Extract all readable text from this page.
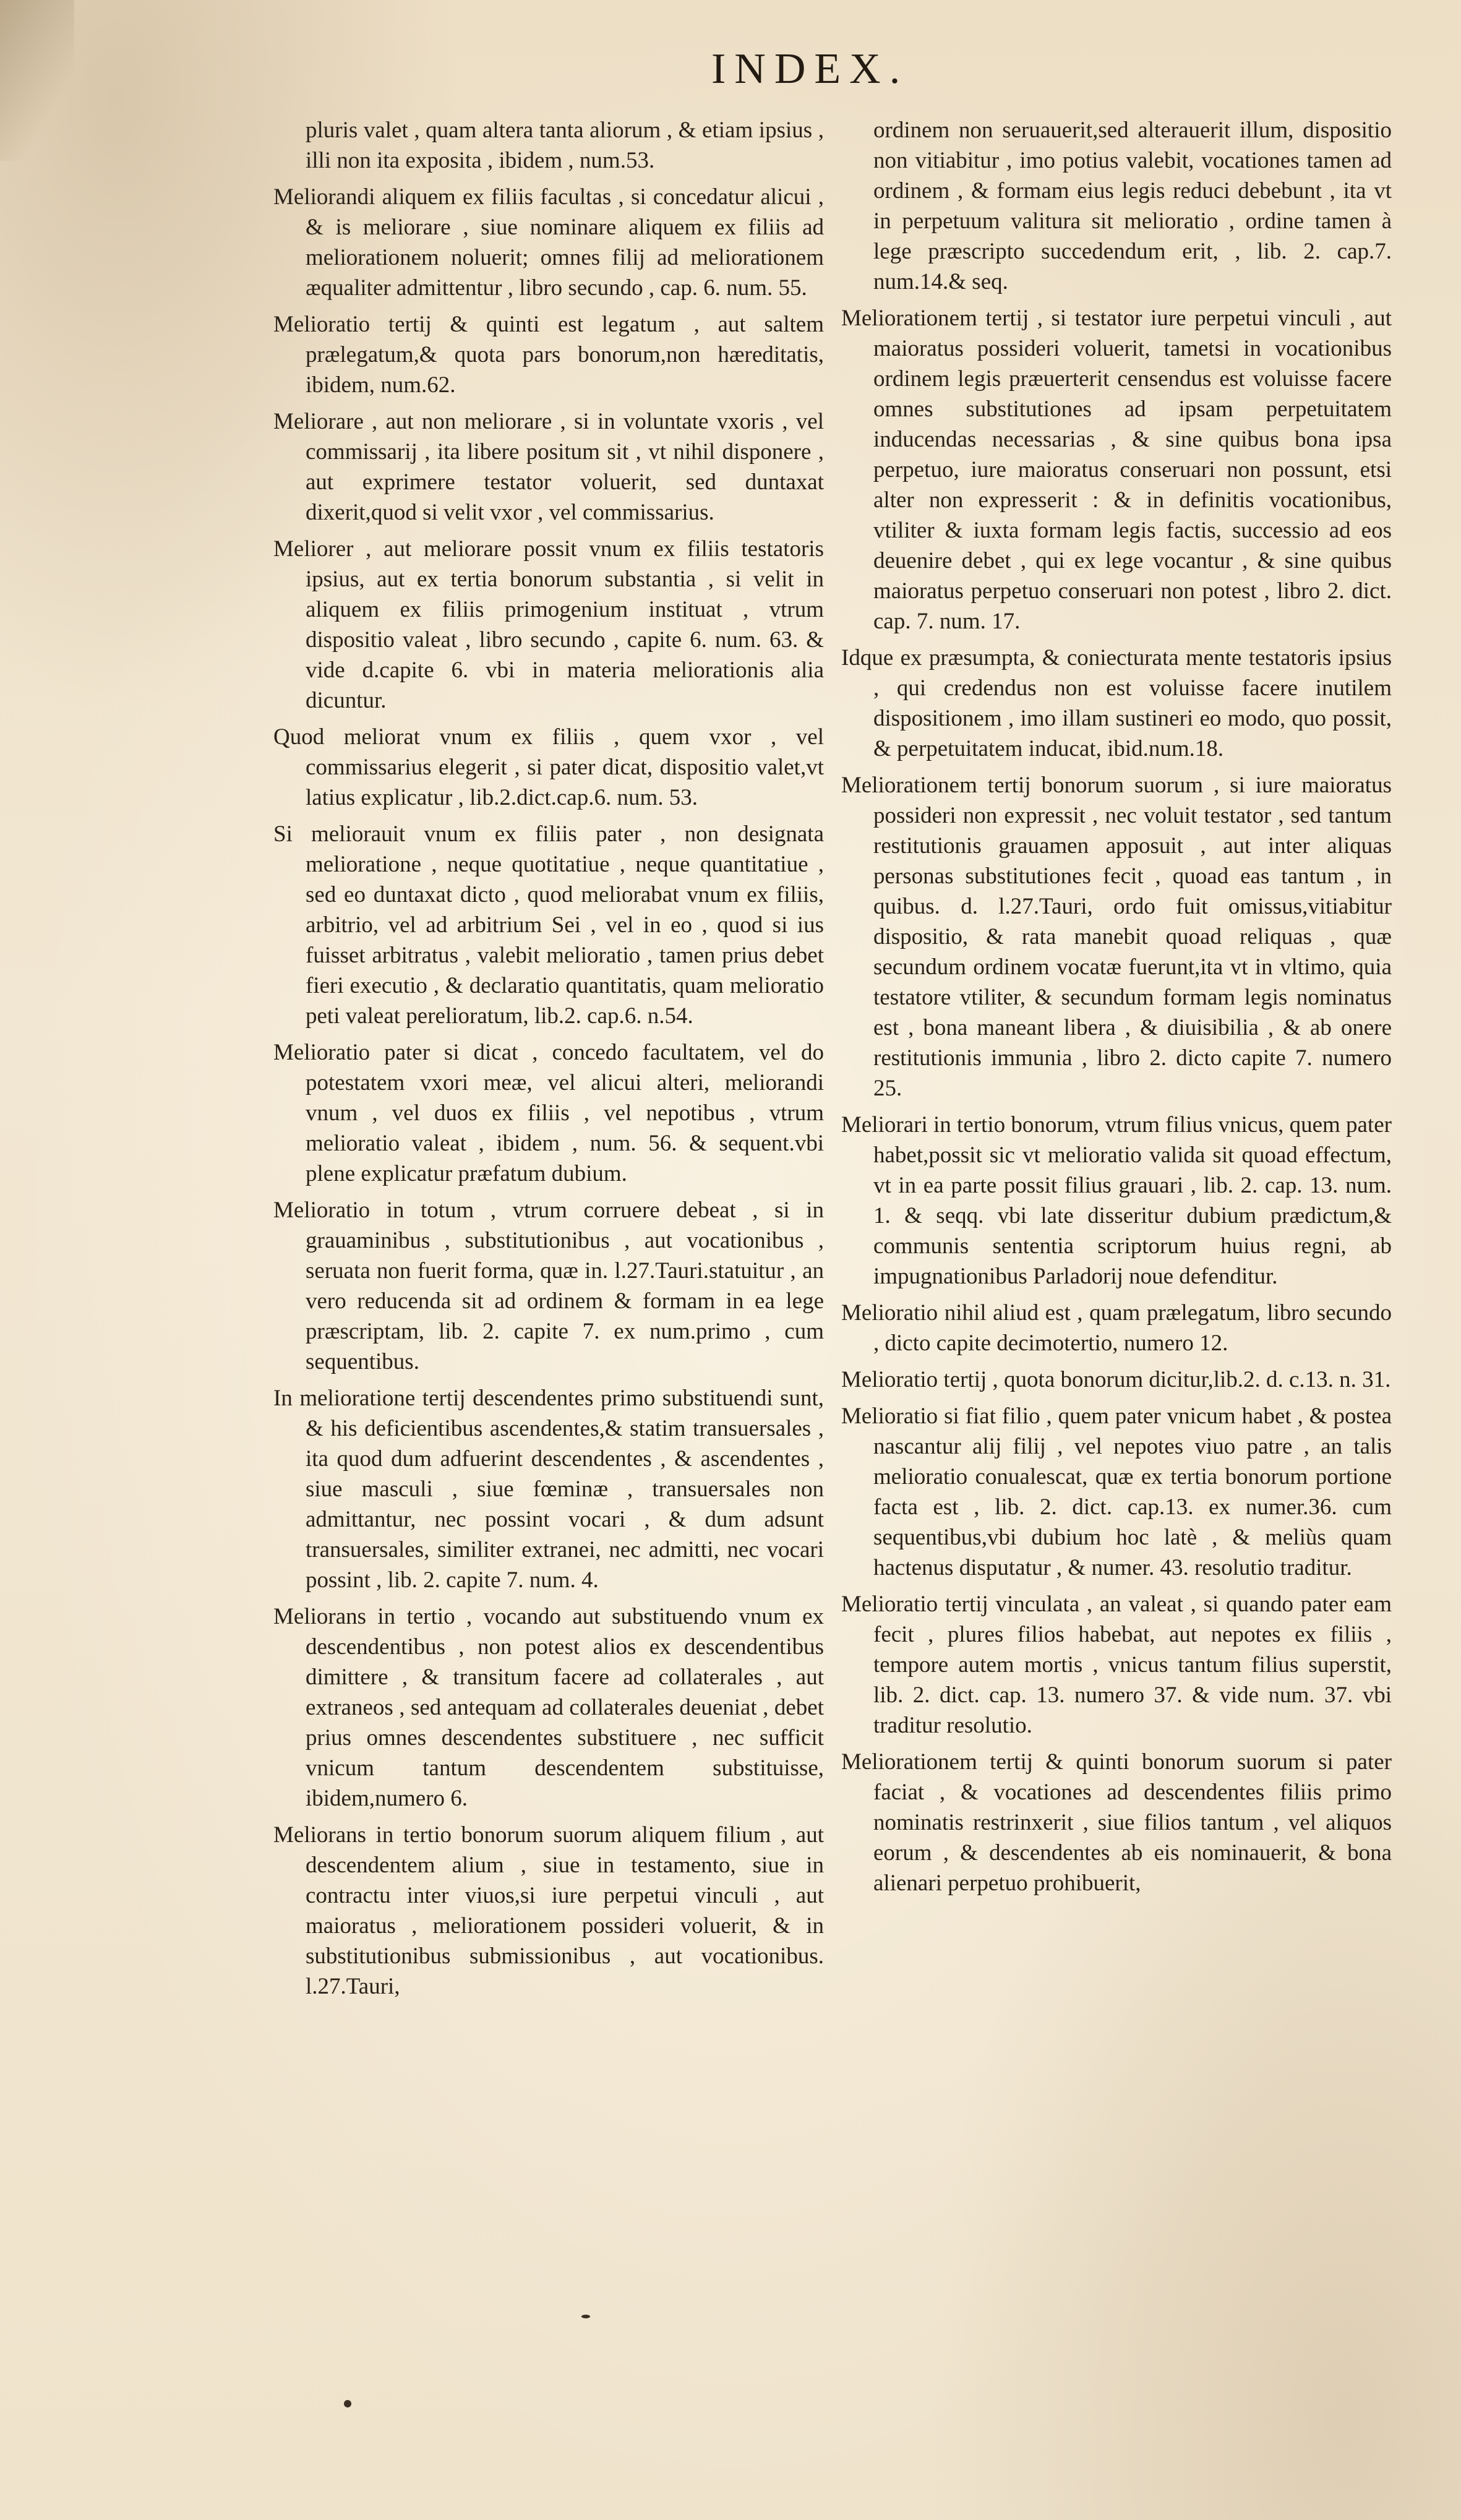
INDEX.

pluris valet , quam altera tanta aliorum , & etiam ipsius , illi non ita exposita , ibidem , num.53.

Meliorandi aliquem ex filiis facultas , si concedatur alicui , & is meliorare , siue nominare aliquem ex filiis ad meliorationem noluerit; omnes filij ad meliorationem æqualiter admittentur , libro secundo , cap. 6. num. 55.

Melioratio tertij & quinti est legatum , aut saltem prælegatum,& quota pars bonorum,non hæreditatis, ibidem, num.62.

Meliorare , aut non meliorare , si in voluntate vxoris , vel commissarij , ita libere positum sit , vt nihil disponere , aut exprimere testator voluerit, sed duntaxat dixerit,quod si velit vxor , vel commissarius.

Meliorer , aut meliorare possit vnum ex filiis testatoris ipsius, aut ex tertia bonorum substantia , si velit in aliquem ex filiis primogenium instituat , vtrum dispositio valeat , libro secundo , capite 6. num. 63. & vide d.capite 6. vbi in materia meliorationis alia dicuntur.

Quod meliorat vnum ex filiis , quem vxor , vel commissarius elegerit , si pater dicat, dispositio valet,vt latius explicatur , lib.2.dict.cap.6. num. 53.

Si meliorauit vnum ex filiis pater , non designata melioratione , neque quotitatiue , neque quantitatiue , sed eo duntaxat dicto , quod meliorabat vnum ex filiis, arbitrio, vel ad arbitrium Sei , vel in eo , quod si ius fuisset arbitratus , valebit melioratio , tamen prius debet fieri executio , & declaratio quantitatis, quam melioratio peti valeat perelioratum, lib.2. cap.6. n.54.

Melioratio pater si dicat , concedo facultatem, vel do potestatem vxori meæ, vel alicui alteri, meliorandi vnum , vel duos ex filiis , vel nepotibus , vtrum melioratio valeat , ibidem , num. 56. & sequent.vbi plene explicatur præfatum dubium.

Melioratio in totum , vtrum corruere debeat , si in grauaminibus , substitutionibus , aut vocationibus , seruata non fuerit forma, quæ in. l.27.Tauri.statuitur , an vero reducenda sit ad ordinem & formam in ea lege præscriptam, lib. 2. capite 7. ex num.primo , cum sequentibus.

In melioratione tertij descendentes primo substituendi sunt, & his deficientibus ascendentes,& statim transuersales , ita quod dum adfuerint descendentes , & ascendentes , siue masculi , siue fœminæ , transuersales non admittantur, nec possint vocari , & dum adsunt transuersales, similiter extranei, nec admitti, nec vocari possint , lib. 2. capite 7. num. 4.

Meliorans in tertio , vocando aut substituendo vnum ex descendentibus , non potest alios ex descendentibus dimittere , & transitum facere ad collaterales , aut extraneos , sed antequam ad collaterales deueniat , debet prius omnes descendentes substituere , nec sufficit vnicum tantum descendentem substituisse, ibidem,numero 6.

Meliorans in tertio bonorum suorum aliquem filium , aut descendentem alium , siue in testamento, siue in contractu inter viuos,si iure perpetui vinculi , aut maioratus , meliorationem possideri voluerit, & in substitutionibus submissionibus , aut vocationibus. l.27.Tauri,

ordinem non seruauerit,sed alterauerit illum, dispositio non vitiabitur , imo potius valebit, vocationes tamen ad ordinem , & formam eius legis reduci debebunt , ita vt in perpetuum valitura sit melioratio , ordine tamen à lege præscripto succedendum erit, , lib. 2. cap.7. num.14.& seq.

Meliorationem tertij , si testator iure perpetui vinculi , aut maioratus possideri voluerit, tametsi in vocationibus ordinem legis præuerterit censendus est voluisse facere omnes substitutiones ad ipsam perpetuitatem inducendas necessarias , & sine quibus bona ipsa perpetuo, iure maioratus conseruari non possunt, etsi alter non expresserit : & in definitis vocationibus, vtiliter & iuxta formam legis factis, successio ad eos deuenire debet , qui ex lege vocantur , & sine quibus maioratus perpetuo conseruari non potest , libro 2. dict. cap. 7. num. 17.

Idque ex præsumpta, & coniecturata mente testatoris ipsius , qui credendus non est voluisse facere inutilem dispositionem , imo illam sustineri eo modo, quo possit, & perpetuitatem inducat, ibid.num.18.

Meliorationem tertij bonorum suorum , si iure maioratus possideri non expressit , nec voluit testator , sed tantum restitutionis grauamen apposuit , aut inter aliquas personas substitutiones fecit , quoad eas tantum , in quibus. d. l.27.Tauri, ordo fuit omissus,vitiabitur dispositio, & rata manebit quoad reliquas , quæ secundum ordinem vocatæ fuerunt,ita vt in vltimo, quia testatore vtiliter, & secundum formam legis nominatus est , bona maneant libera , & diuisibilia , & ab onere restitutionis immunia , libro 2. dicto capite 7. numero 25.

Meliorari in tertio bonorum, vtrum filius vnicus, quem pater habet,possit sic vt melioratio valida sit quoad effectum, vt in ea parte possit filius grauari , lib. 2. cap. 13. num. 1. & seqq. vbi late disseritur dubium prædictum,& communis sententia scriptorum huius regni, ab impugnationibus Parladorij noue defenditur.

Melioratio nihil aliud est , quam prælegatum, libro secundo , dicto capite decimotertio, numero 12.

Melioratio tertij , quota bonorum dicitur,lib.2. d. c.13. n. 31.

Melioratio si fiat filio , quem pater vnicum habet , & postea nascantur alij filij , vel nepotes viuo patre , an talis melioratio conualescat, quæ ex tertia bonorum portione facta est , lib. 2. dict. cap.13. ex numer.36. cum sequentibus,vbi dubium hoc latè , & meliùs quam hactenus disputatur , & numer. 43. resolutio traditur.

Melioratio tertij vinculata , an valeat , si quando pater eam fecit , plures filios habebat, aut nepotes ex filiis , tempore autem mortis , vnicus tantum filius superstit, lib. 2. dict. cap. 13. numero 37. & vide num. 37. vbi traditur resolutio.

Meliorationem tertij & quinti bonorum suorum si pater faciat , & vocationes ad descendentes filiis primo nominatis restrinxerit , siue filios tantum , vel aliquos eorum , & descendentes ab eis nominauerit, & bona alienari perpetuo prohibuerit,
